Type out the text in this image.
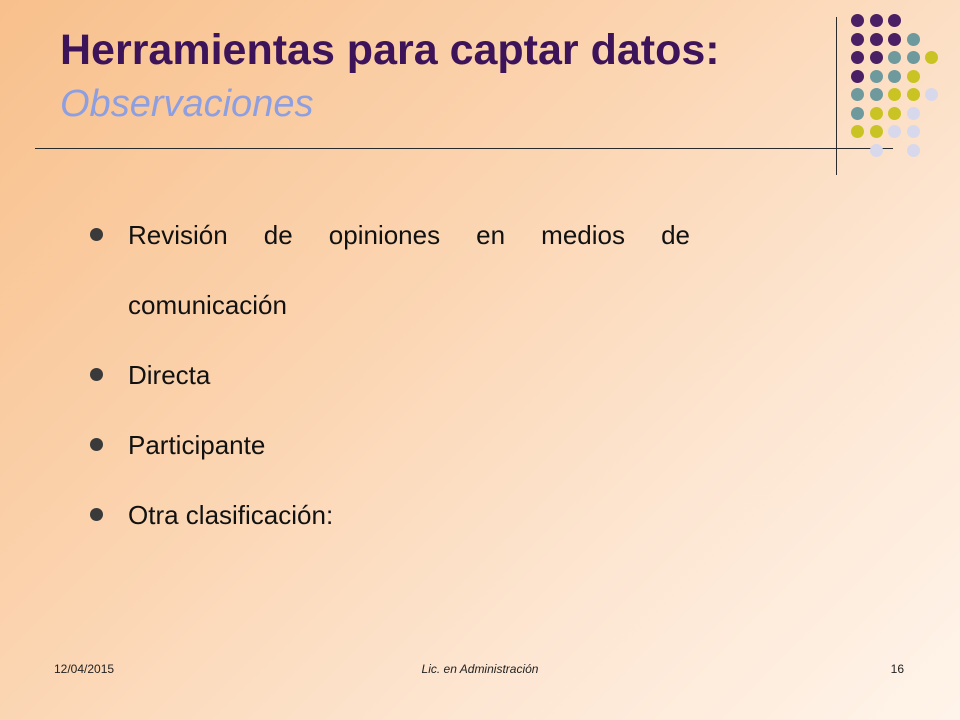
Herramientas para captar datos: Observaciones
Revisión de opiniones en medios de comunicación
Directa
Participante
Otra clasificación:
12/04/2015	Lic. en Administración	16
